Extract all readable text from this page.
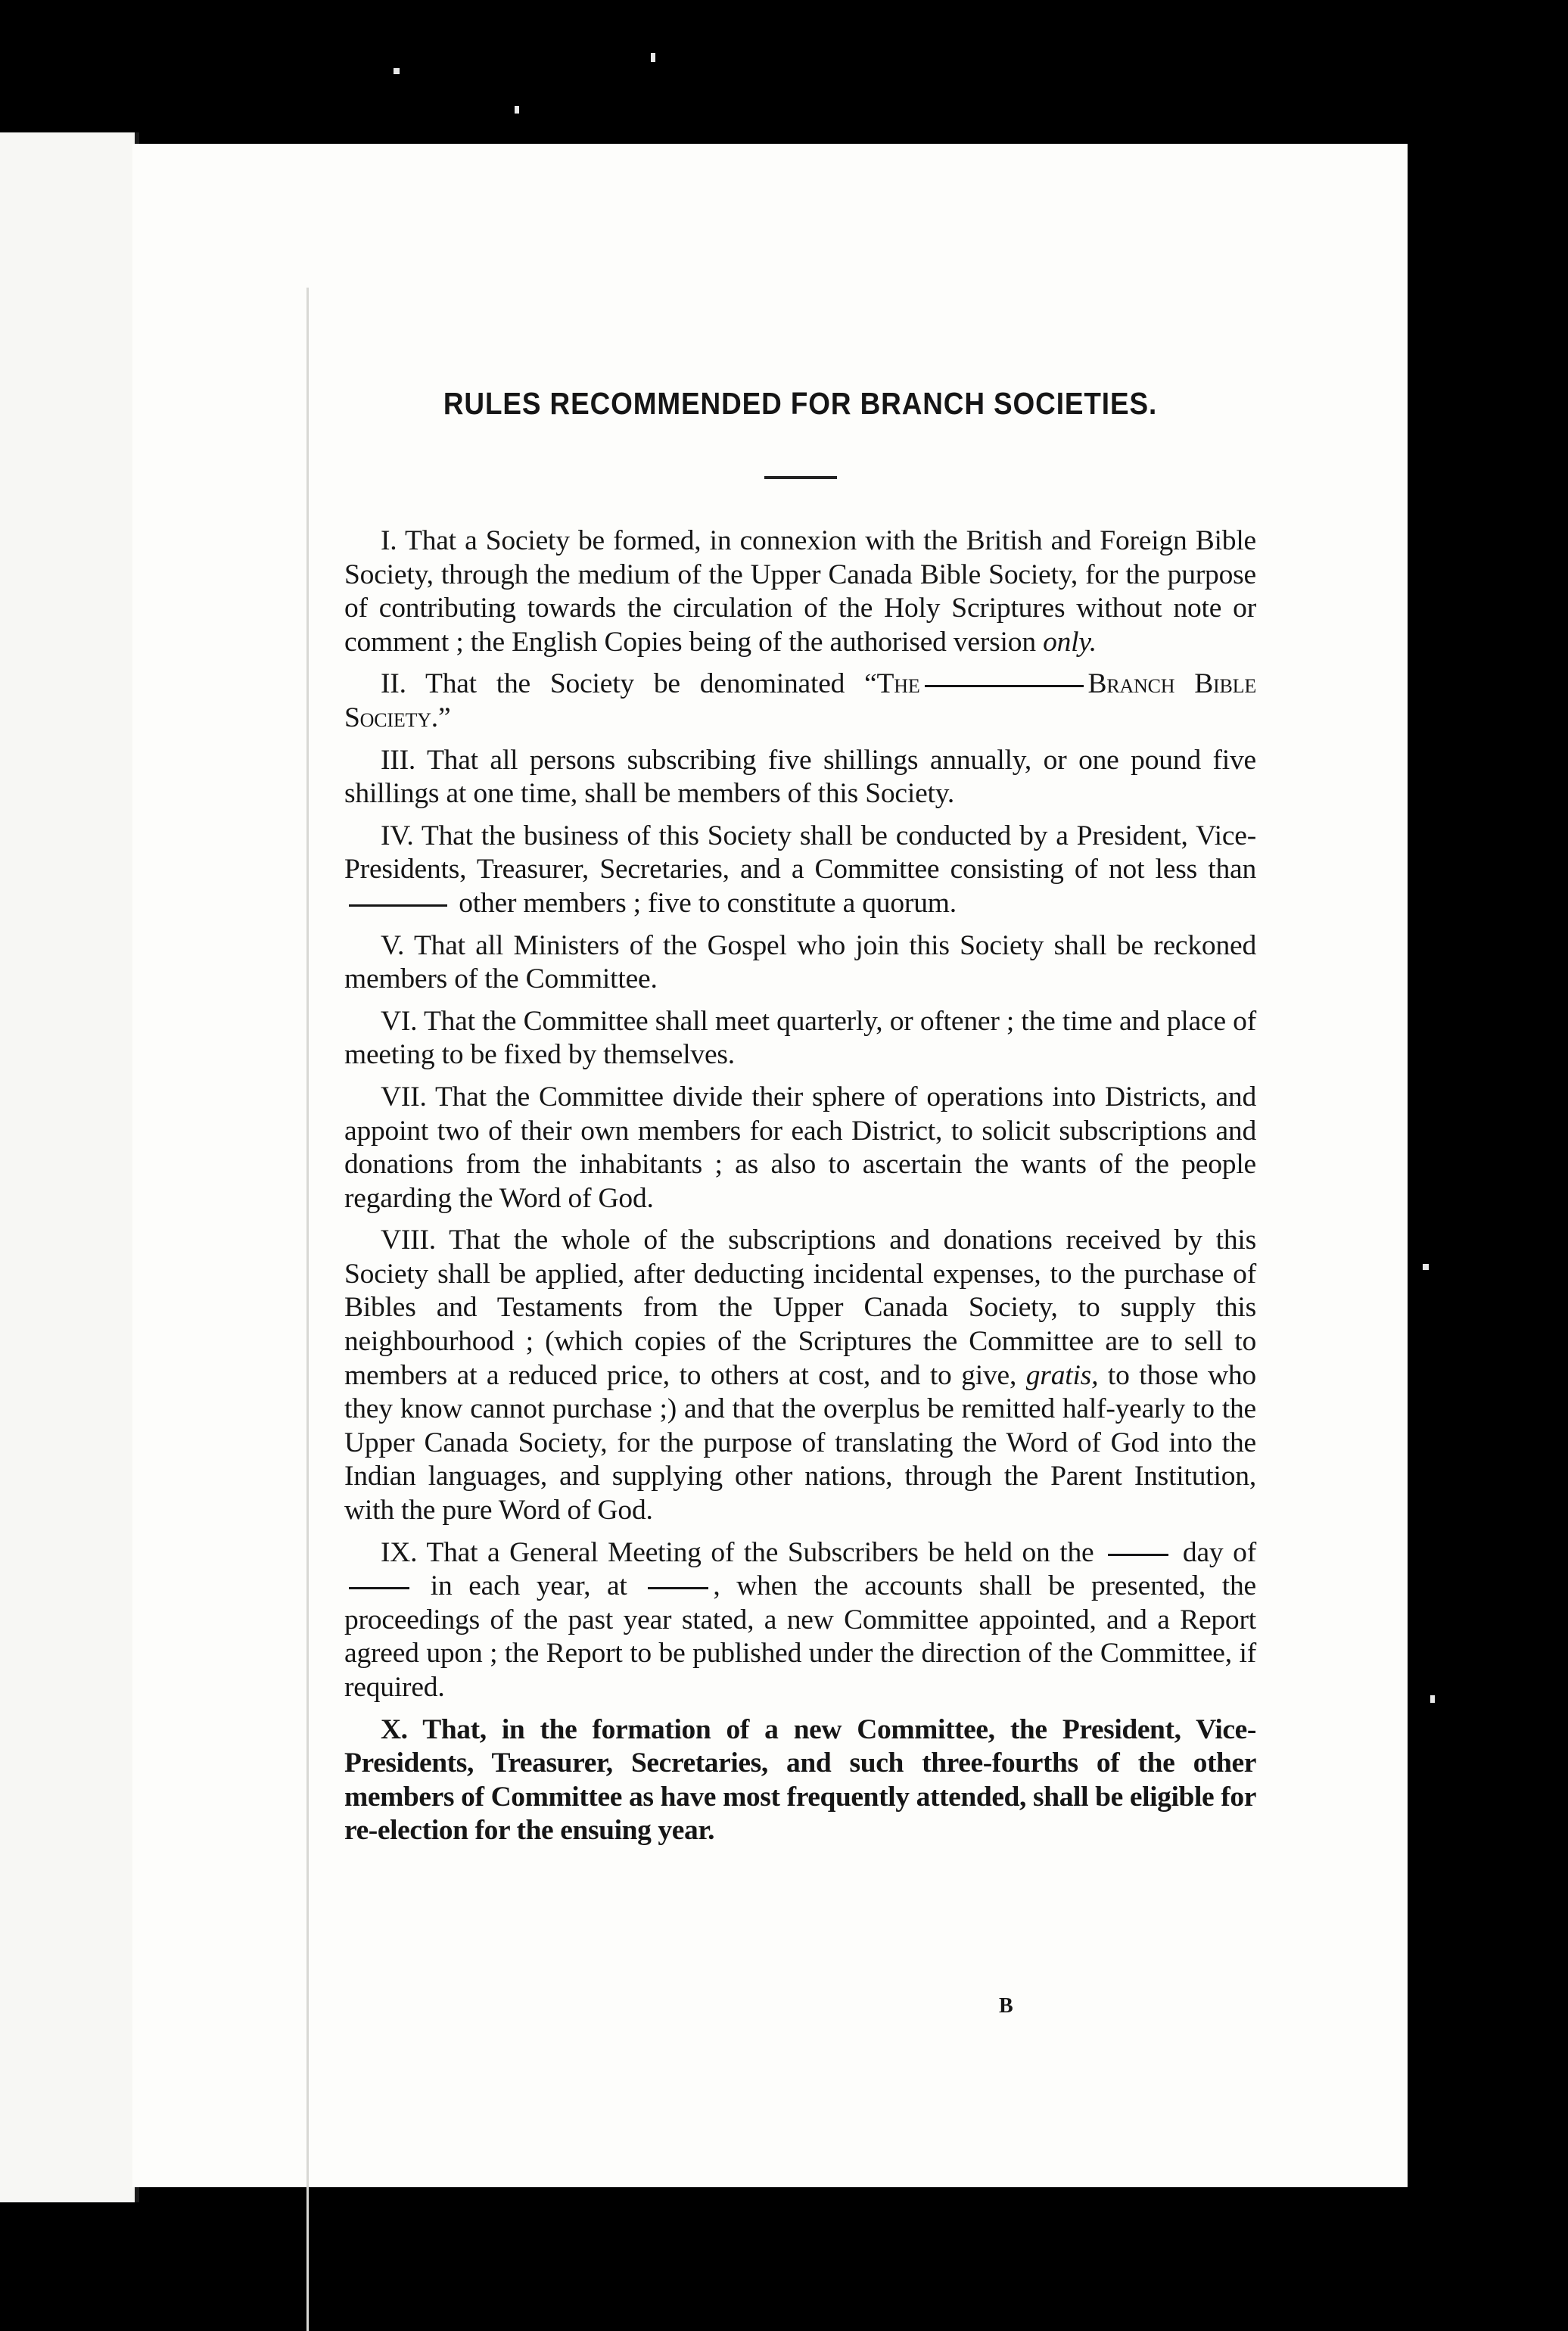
RULES RECOMMENDED FOR BRANCH SOCIETIES.

I. That a Society be formed, in connexion with the British and Foreign Bible Society, through the medium of the Upper Canada Bible Society, for the purpose of contributing towards the circulation of the Holy Scriptures without note or comment ; the English Copies being of the authorised version only.

II. That the Society be denominated “The	Branch Bible Society.”

III. That all persons subscribing five shillings annually, or one pound five shillings at one time, shall be members of this Society.

IV. That the business of this Society shall be conducted by a President, Vice-Presidents, Treasurer, Secretaries, and a Committee consisting of not less than  other members ; five to constitute a quorum.

V. That all Ministers of the Gospel who join this Society shall be reckoned members of the Committee.

VI. That the Committee shall meet quarterly, or oftener ; the time and place of meeting to be fixed by themselves.

VII. That the Committee divide their sphere of operations into Districts, and appoint two of their own members for each District, to solicit subscriptions and donations from the inhabitants ; as also to ascertain the wants of the people regarding the Word of God.

VIII. That the whole of the subscriptions and donations received by this Society shall be applied, after deducting incidental expenses, to the purchase of Bibles and Testaments from the Upper Canada Society, to supply this neighbourhood ; (which copies of the Scriptures the Committee are to sell to members at a reduced price, to others at cost, and to give, gratis, to those who they know cannot purchase ;) and that the overplus be remitted half-yearly to the Upper Canada Society, for the purpose of translating the Word of God into the Indian languages, and supplying other nations, through the Parent Institution, with the pure Word of God.

IX. That a General Meeting of the Subscribers be held on the	day of  in each year, at	, when the accounts shall be presented, the proceedings of the past year stated, a new Committee appointed, and a Report agreed upon ; the Report to be published under the direction of the Committee, if required.

X. That, in the formation of a new Committee, the President, Vice-Presidents, Treasurer, Secretaries, and such three-fourths of the other members of Committee as have most frequently attended, shall be eligible for re-election for the ensuing year.

B
